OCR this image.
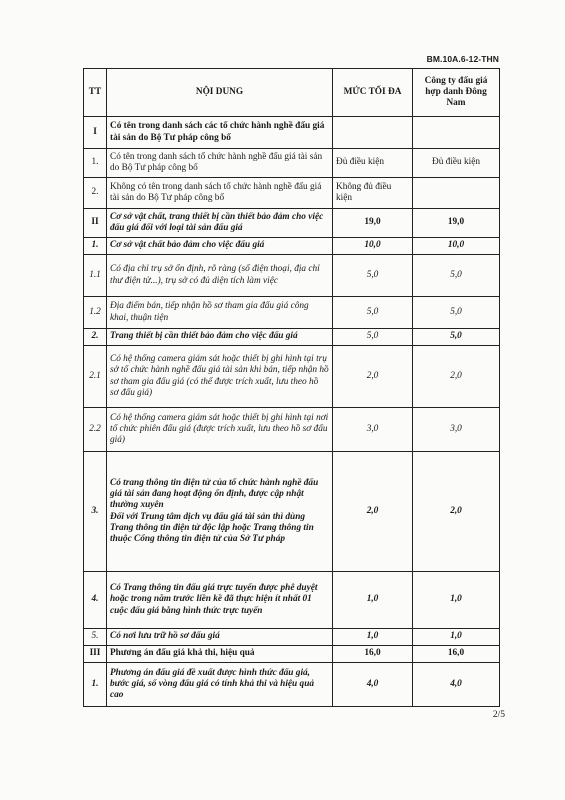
BM.10A.6-12-THN
TT	NỘI DUNG	MỨC TỐI ĐA	Công ty đấu giá hợp danh Đông Nam
I	Có tên trong danh sách các tổ chức hành nghề đấu giá tài sản do Bộ Tư pháp công bố		
1.	Có tên trong danh sách tổ chức hành nghề đấu giá tài sản do Bộ Tư pháp công bố	Đủ điều kiện	Đủ điều kiện
2.	Không có tên trong danh sách tổ chức hành nghề đấu giá tài sản do Bộ Tư pháp công bố	Không đủ điều kiện	
II	Cơ sở vật chất, trang thiết bị cần thiết bảo đảm cho việc đấu giá đối với loại tài sản đấu giá	19,0	19,0
1.	Cơ sở vật chất bảo đảm cho việc đấu giá	10,0	10,0
1.1	Có địa chỉ trụ sở ổn định, rõ ràng (số điện thoại, địa chỉ thư điện tử...), trụ sở có đủ diện tích làm việc	5,0	5,0
1.2	Địa điểm bán, tiếp nhận hồ sơ tham gia đấu giá công khai, thuận tiện	5,0	5,0
2.	Trang thiết bị cần thiết bảo đảm cho việc đấu giá	5,0	5,0
2.1	Có hệ thống camera giám sát hoặc thiết bị ghi hình tại trụ sở tổ chức hành nghề đấu giá tài sản khi bán, tiếp nhận hồ sơ tham gia đấu giá (có thể được trích xuất, lưu theo hồ sơ đấu giá)	2,0	2,0
2.2	Có hệ thống camera giám sát hoặc thiết bị ghi hình tại nơi tổ chức phiên đấu giá (được trích xuất, lưu theo hồ sơ đấu giá)	3,0	3,0
3.	Có trang thông tin điện tử của tổ chức hành nghề đấu giá tài sản đang hoạt động ổn định, được cập nhật thường xuyên
Đối với Trung tâm dịch vụ đấu giá tài sản thì dùng Trang thông tin điện tử độc lập hoặc Trang thông tin thuộc Cổng thông tin điện tử của Sở Tư pháp	2,0	2,0
4.	Có Trang thông tin đấu giá trực tuyến được phê duyệt hoặc trong năm trước liền kề đã thực hiện ít nhất 01 cuộc đấu giá bằng hình thức trực tuyến	1,0	1,0
5.	Có nơi lưu trữ hồ sơ đấu giá	1,0	1,0
III	Phương án đấu giá khả thi, hiệu quả	16,0	16,0
1.	Phương án đấu giá đề xuất được hình thức đấu giá, bước giá, số vòng đấu giá có tính khả thi và hiệu quả cao	4,0	4,0
2/5
